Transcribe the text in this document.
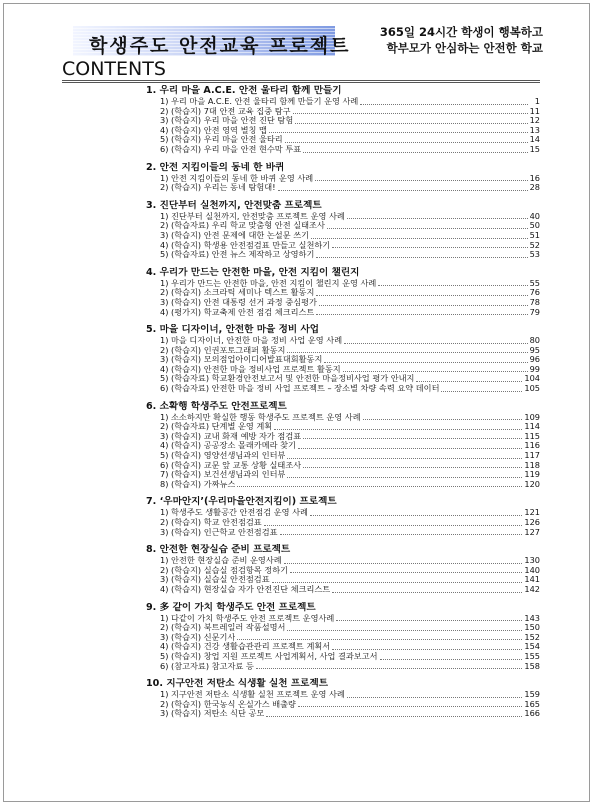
학생주도 안전교육 프로젝트
365일 24시간 학생이 행복하고
학부모가 안심하는 안전한 학교
CONTENTS
1. 우리 마을 A.C.E. 안전 울타리 함께 만들기
1) 우리 마을 A.C.E. 안전 울타리 함께 만들기 운영 사례	1
2) (학습지) 7대 안전 교육 집중 탐구	11
3) (학습지) 우리 마을 안전 진단 탐험	12
4) (학습지) 안전 영역 별칭 맵	13
5) (학습지) 우리 마을 안전 울타리	14
6) (학습지) 우리 마을 안전 현수막 투표	15
2. 안전 지킴이들의 동네 한 바퀴
1) 안전 지킴이들의 동네 한 바퀴 운영 사례	16
2) (학습지) 우리는 동네 탐험대!	28
3. 진단부터 실천까지, 안전맞춤 프로젝트
1) 진단부터 실천까지, 안전맞춤 프로젝트 운영 사례	40
2) (학습자료) 우리 학교 맞춤형 안전 실태조사	50
3) (학습지) 안전 문제에 대한 논설문 쓰기	51
4) (학습지) 학생용 안전점검표 만들고 실천하기	52
5) (학습자료) 안전 뉴스 제작하고 상영하기	53
4. 우리가 만드는 안전한 마을, 안전 지킴이 챌린지
1) 우리가 만드는 안전한 마을, 안전 지킴이 챌린지 운영 사례	55
2) (학습지) 소크라틱 세미나 텍스트 활동지	76
3) (학습지) 안전 대통령 선거 과정 중심평가	78
4) (평가지) 학교축제 안전 점검 체크리스트	79
5. 마을 디자이너, 안전한 마을 정비 사업
1) 마을 디자이너, 안전한 마을 정비 사업 운영 사례	80
2) (학습지) 인권포토그래퍼 활동지	95
3) (학습지) 모의점업아이디어발표대회활동지	96
4) (학습지) 안전한 마을 정비사업 프로젝트 활동지	99
5) (학습자료) 학교환경안전보고서 및 안전한 마을정비사업 평가 안내지	104
6) (학습자료) 안전한 마을 정비 사업 프로젝트 – 장소별 차량 속력 요약 데이터	105
6. 소확행 학생주도 안전프로젝트
1) 소소하지만 확실한 행동 학생주도 프로젝트 운영 사례	109
2) (학습자료) 단계별 운영 계획	114
3) (학습지) 교내 화재 예방 자가 점검표	115
4) (학습지) 공공장소 몰래카메라 찾기	116
5) (학습지) 영양선생님과의 인터뷰	117
6) (학습지) 교문 앞 교통 상황 실태조사	118
7) (학습지) 보건선생님과의 인터뷰	119
8) (학습지) 가짜뉴스	120
7. ‘우마안지’(우리마을안전지킴이) 프로젝트
1) 학생주도 생활공간 안전점검 운영 사례	121
2) (학습지) 학교 안전점검표	126
3) (학습지) 인근학교 안전점검표	127
8. 안전한 현장실습 준비 프로젝트
1) 안전한 현장실습 준비 운영사례	130
2) (학습지) 실습실 점검항목 정하기	140
3) (학습지) 실습실 안전점검표	141
4) (학습지) 현장실습 자가 안전진단 체크리스트	142
9. 多 같이 가치 학생주도 안전 프로젝트
1) 다같이 가치 학생주도 안전 프로젝트 운영사례	143
2) (학습지) 북트레일러 작품설명서	150
3) (학습지) 신문기사	152
4) (학습지) 건강 생활습관관리 프로젝트 계획서	154
5) (학습지) 창업 지원 프로젝트 사업계획서, 사업 결과보고서	155
6) (참고자료) 참고자료 등	158
10. 지구안전 저탄소 식생활 실천 프로젝트
1) 지구안전 저탄소 식생활 실천 프로젝트 운영 사례	159
2) (학습지) 한국농식 온실가스 배출량	165
3) (학습지) 저탄소 식단 공모	166
